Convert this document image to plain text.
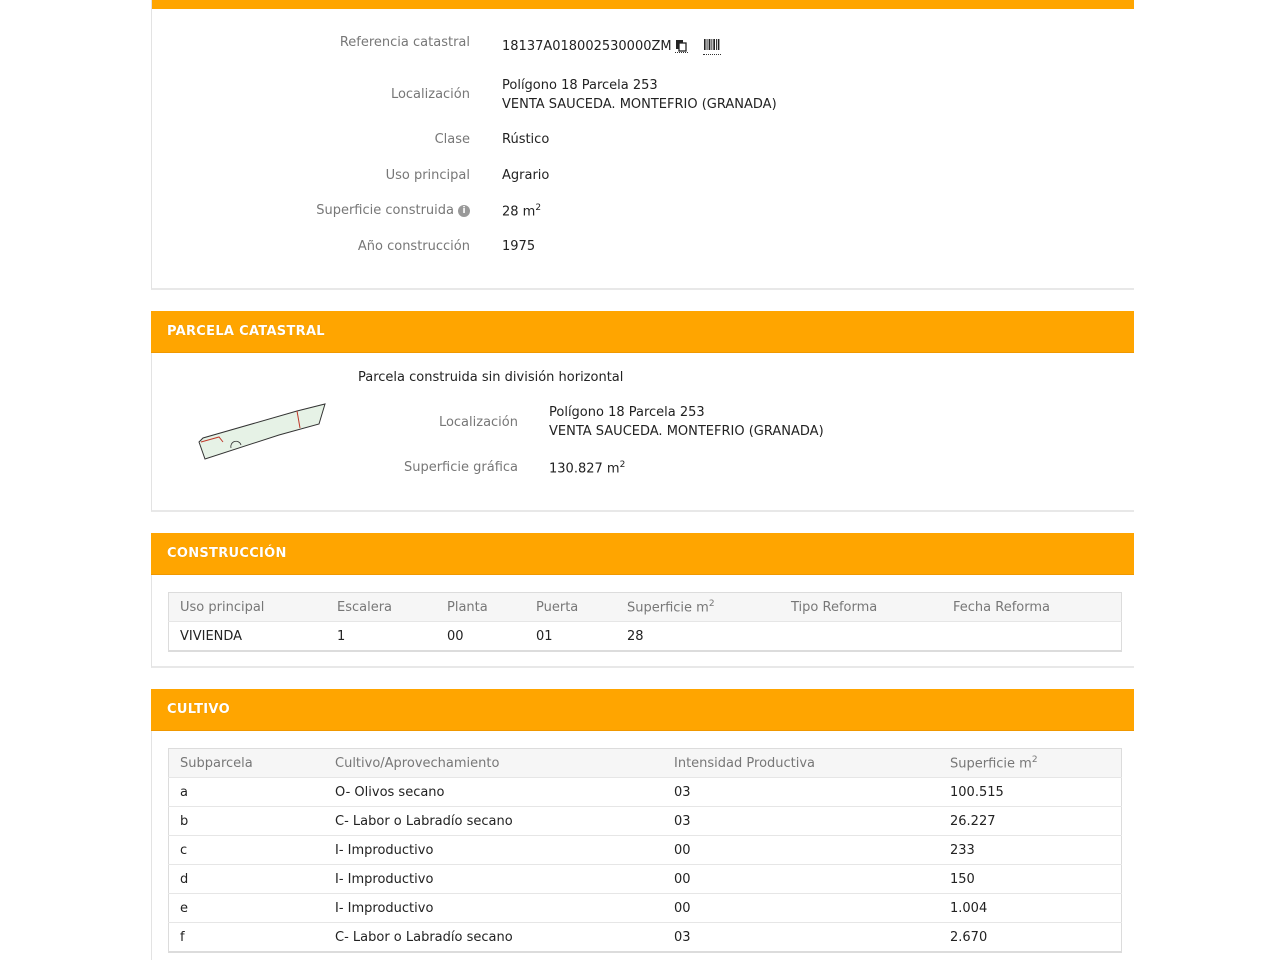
Referencia catastral 18137A018002530000ZM
Localización
Polígono 18 Parcela 253
VENTA SAUCEDA. MONTEFRIO (GRANADA)
Clase Rústico
Uso principal Agrario
Superficie construida i	28 $m^2$
Año construcción 1975
PARCELA CATASTRAL
Parcela construida sin división horizontal
Localización
Polígono 18 Parcela 253
VENTA SAUCEDA. MONTEFRIO (GRANADA)
Superficie gráfica 130.827 $m^2$
CONSTRUCCIÓN
Uso principal	Escalera	Planta	Puerta	Superficie $m^2$	Tipo Reforma	Fecha Reforma
VIVIENDA	1	00	01	28		
CULTIVO
Subparcela	Cultivo/Aprovechamiento	Intensidad Productiva	Superficie $m^2$
a	O- Olivos secano	03	100.515
b	C- Labor o Labradío secano	03	26.227
c	I- Improductivo	00	233
d	I- Improductivo	00	150
e	I- Improductivo	00	1.004
f	C- Labor o Labradío secano	03	2.670
